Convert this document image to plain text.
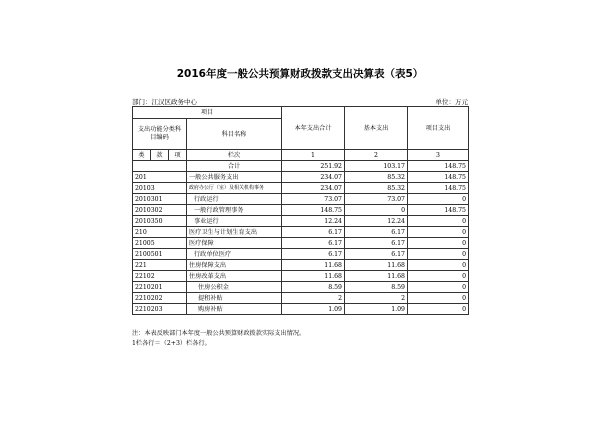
2016年度一般公共预算财政拨款支出决算表（表5）
部门：江汉区政务中心	单位：万元
项目				本年支出合计	基本支出	项目支出
支出功能分类科目编码			科目名称			
类	款	项				
			栏次	1	2	3
			合计	251.92	103.17	148.75
201			一般公共服务支出	234.07	85.32	148.75
20103			政府办公厅（室）及相关机构事务	234.07	85.32	148.75
2010301			行政运行	73.07	73.07	0
2010302			一般行政管理事务	148.75	0	148.75
2010350			事业运行	12.24	12.24	0
210			医疗卫生与计划生育支出	6.17	6.17	0
21005			医疗保障	6.17	6.17	0
2100501			行政单位医疗	6.17	6.17	0
221			住房保障支出	11.68	11.68	0
22102			住房改革支出	11.68	11.68	0
2210201			住房公积金	8.59	8.59	0
2210202			提租补贴	2	2	0
2210203			购房补贴	1.09	1.09	0
注：本表反映部门本年度一般公共预算财政拨款实际支出情况。
1栏各行＝（2+3）栏各行。
